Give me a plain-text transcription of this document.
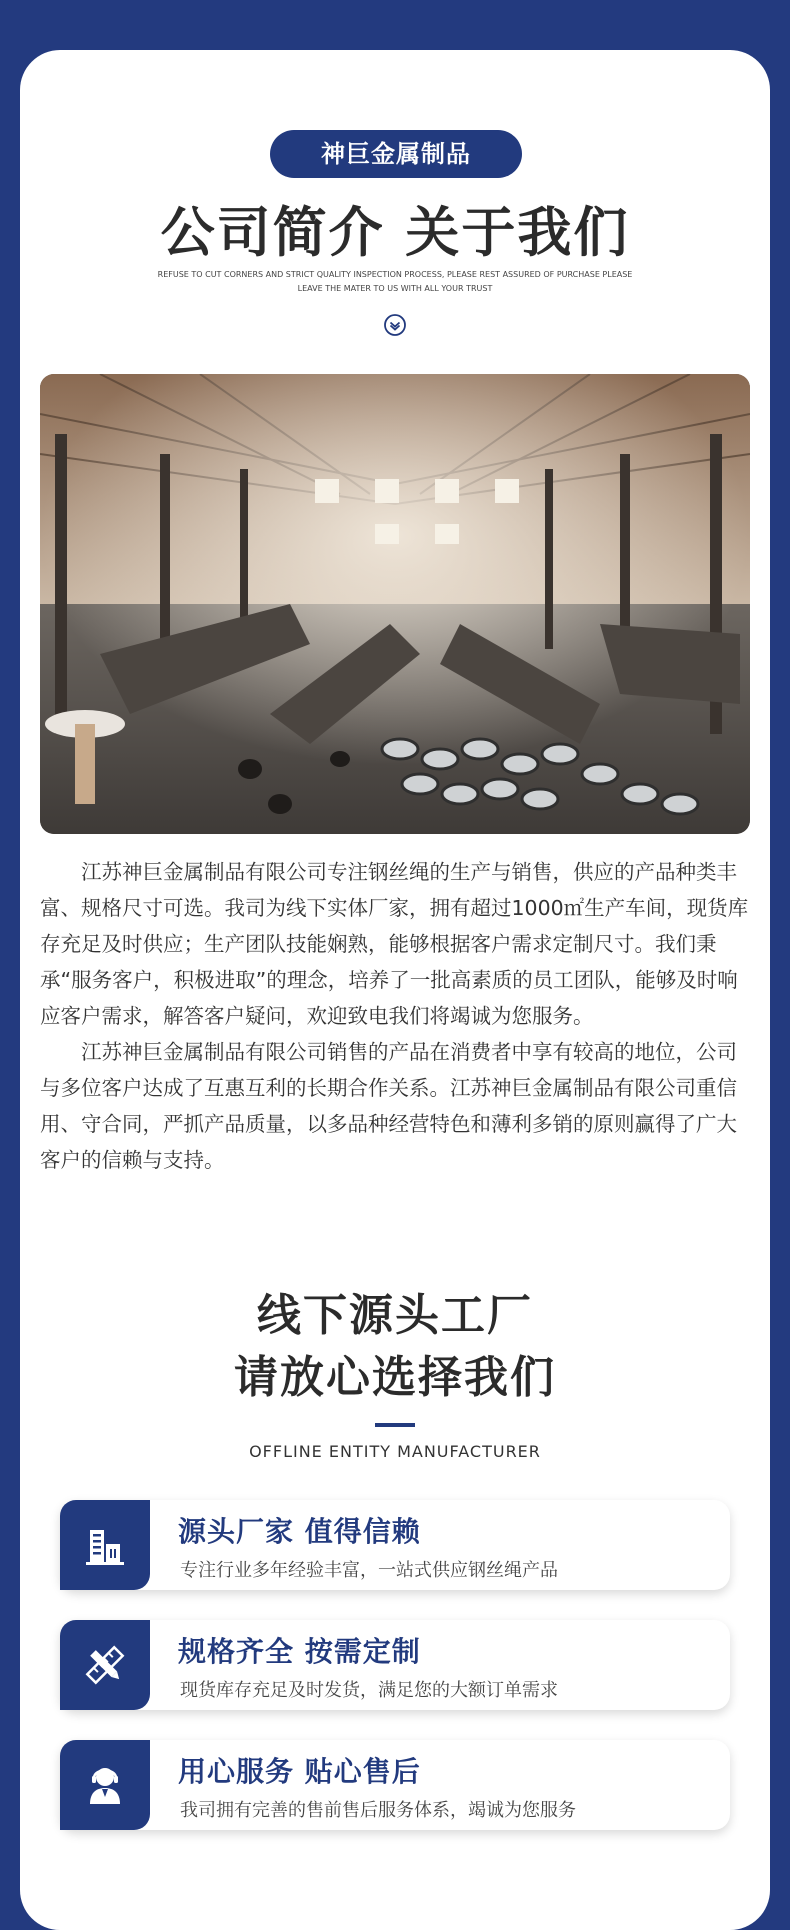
神巨金属制品
公司简介 关于我们
REFUSE TO CUT CORNERS AND STRICT QUALITY INSPECTION PROCESS, PLEASE REST ASSURED OF PURCHASE PLEASE LEAVE THE MATER TO US WITH ALL YOUR TRUST

江苏神巨金属制品有限公司专注钢丝绳的生产与销售，供应的产品种类丰富、规格尺寸可选。我司为线下实体厂家，拥有超过1000㎡生产车间，现货库存充足及时供应；生产团队技能娴熟，能够根据客户需求定制尺寸。我们秉承“服务客户，积极进取”的理念，培养了一批高素质的员工团队，能够及时响应客户需求，解答客户疑问，欢迎致电我们将竭诚为您服务。

江苏神巨金属制品有限公司销售的产品在消费者中享有较高的地位，公司与多位客户达成了互惠互利的长期合作关系。江苏神巨金属制品有限公司重信用、守合同，严抓产品质量，以多品种经营特色和薄利多销的原则赢得了广大客户的信赖与支持。

线下源头工厂
请放心选择我们
OFFLINE ENTITY MANUFACTURER
源头厂家 值得信赖
专注行业多年经验丰富，一站式供应钢丝绳产品
规格齐全 按需定制
现货库存充足及时发货，满足您的大额订单需求
用心服务 贴心售后
我司拥有完善的售前售后服务体系，竭诚为您服务
